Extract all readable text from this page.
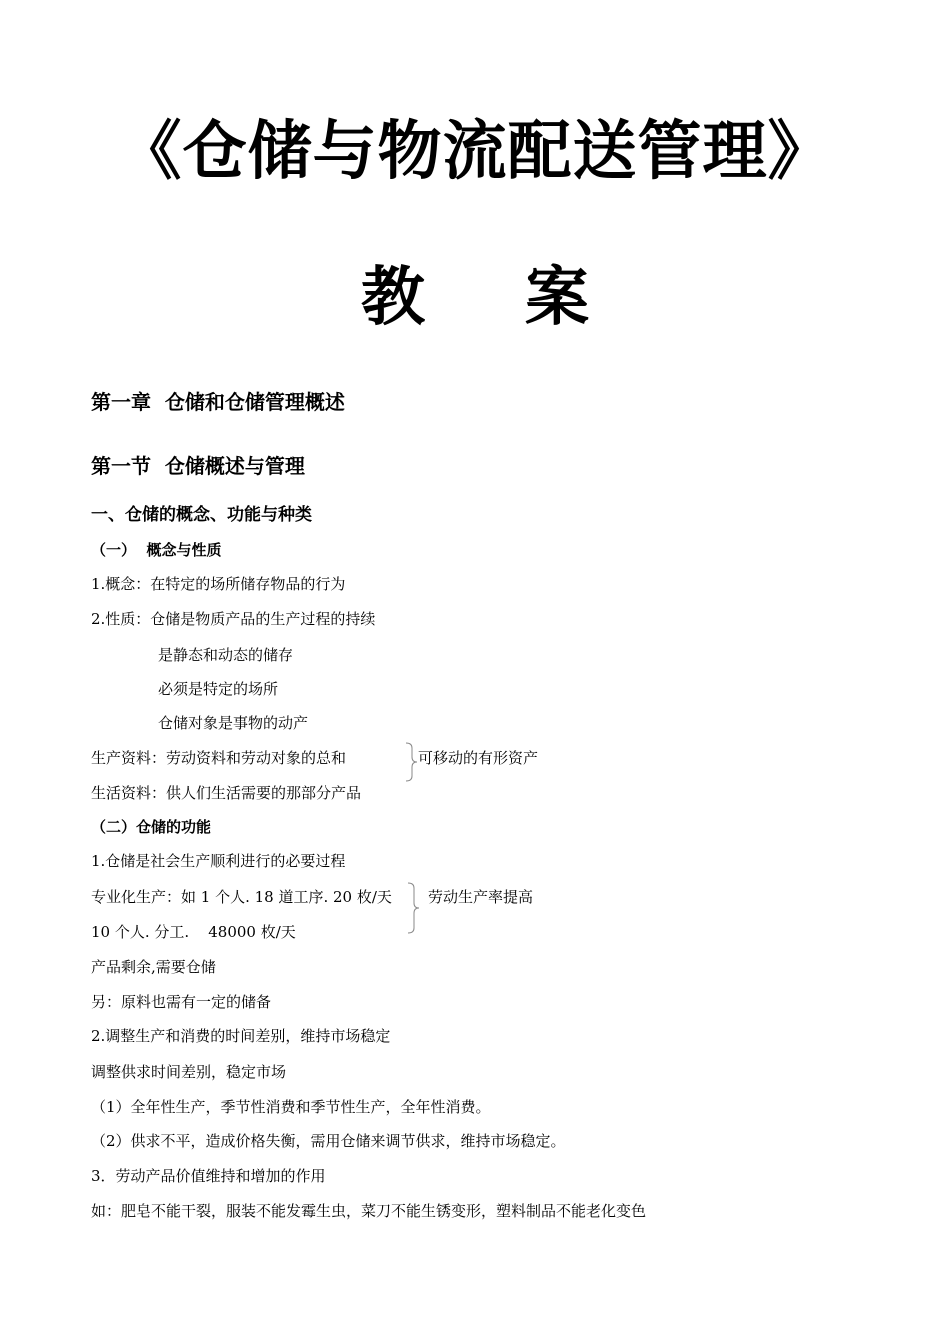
《仓储与物流配送管理》
教 案
第一章  仓储和仓储管理概述
第一节  仓储概述与管理
一、仓储的概念、功能与种类
（一）  概念与性质
1.概念：在特定的场所储存物品的行为
2.性质：仓储是物质产品的生产过程的持续
是静态和动态的储存
必须是特定的场所
仓储对象是事物的动产
生产资料：劳动资料和劳动对象的总和	可移动的有形资产
生活资料：供人们生活需要的那部分产品
（二）仓储的功能
1.仓储是社会生产顺利进行的必要过程
专业化生产：如 1 个人. 18 道工序. 20 枚/天 劳动生产率提高
10 个人. 分工.    48000 枚/天
产品剩余,需要仓储
另：原料也需有一定的储备
2.调整生产和消费的时间差别，维持市场稳定
调整供求时间差别，稳定市场
（1）全年性生产，季节性消费和季节性生产，全年性消费。
（2）供求不平，造成价格失衡，需用仓储来调节供求，维持市场稳定。
3．劳动产品价值维持和增加的作用
如：肥皂不能干裂，服装不能发霉生虫，菜刀不能生锈变形，塑料制品不能老化变色
